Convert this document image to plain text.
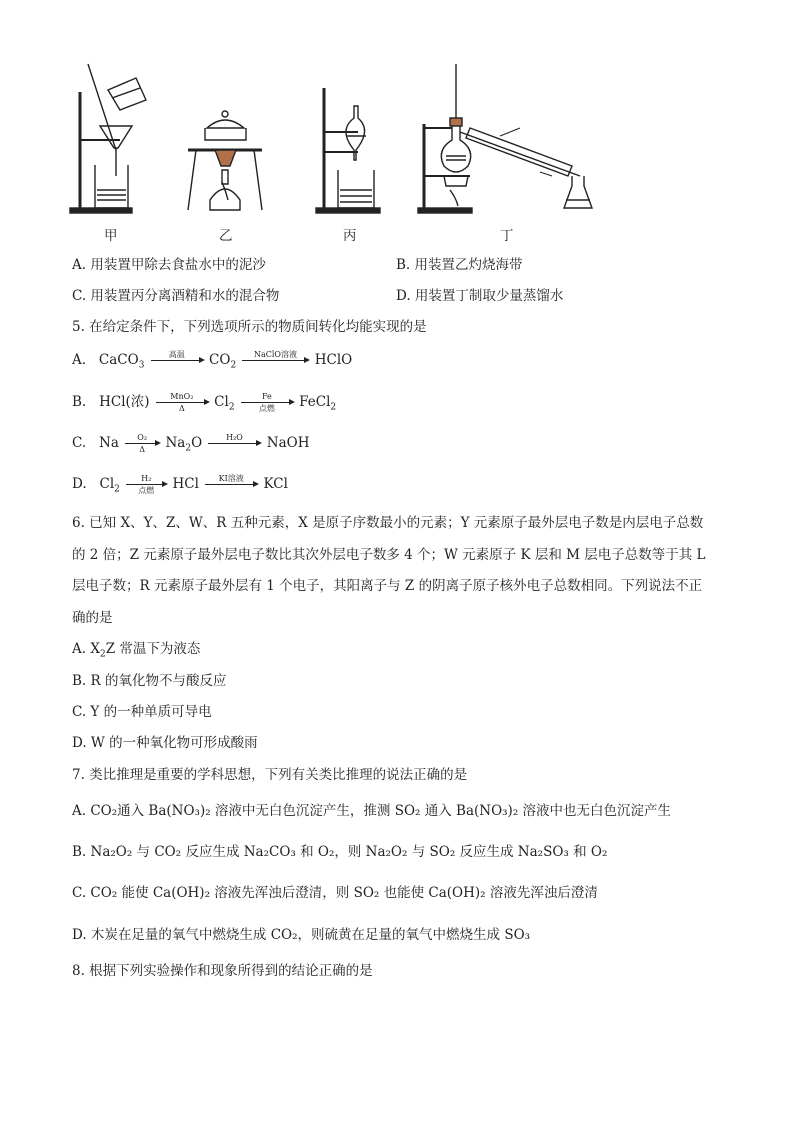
甲	乙	丙	丁
A. 用装置甲除去食盐水中的泥沙	B. 用装置乙灼烧海带
C. 用装置丙分离酒精和水的混合物	D. 用装置丁制取少量蒸馏水
5. 在给定条件下，下列选项所示的物质间转化均能实现的是
A. CaCO$_3$
高温 $CO_2$
NaClO溶液 HClO
B. HCl(浓)	MnO₂
Δ $Cl_2$
Fe
点燃 FeCl$_2$
C. Na $\frac{\text{O₂}}{\Delta} Na_2O$	H₂O NaOH
D. $Cl_2$
H₂
点燃 HCl KI溶液 KCl
6. 已知 X、Y、Z、W、R 五种元素，X 是原子序数最小的元素；Y 元素原子最外层电子数是内层电子总数
的 2 倍；Z 元素原子最外层电子数比其次外层电子数多 4 个；W 元素原子 K 层和 M 层电子总数等于其 L
层电子数；R 元素原子最外层有 1 个电子，其阳离子与 Z 的阴离子原子核外电子总数相同。下列说法不正
确的是
A. $X_2Z$ 常温下为液态
B. R 的氧化物不与酸反应
C. Y 的一种单质可导电
D. W 的一种氧化物可形成酸雨
7. 类比推理是重要的学科思想，下列有关类比推理的说法正确的是
A. CO₂通入 Ba(NO₃)₂ 溶液中无白色沉淀产生，推测 SO₂ 通入 Ba(NO₃)₂ 溶液中也无白色沉淀产生
B. Na₂O₂ 与 CO₂ 反应生成 Na₂CO₃ 和 O₂，则 Na₂O₂ 与 SO₂ 反应生成 Na₂SO₃ 和 O₂
C. CO₂ 能使 Ca(OH)₂ 溶液先浑浊后澄清，则 SO₂ 也能使 Ca(OH)₂ 溶液先浑浊后澄清
D. 木炭在足量的氧气中燃烧生成 CO₂，则硫黄在足量的氧气中燃烧生成 SO₃
8. 根据下列实验操作和现象所得到的结论正确的是
